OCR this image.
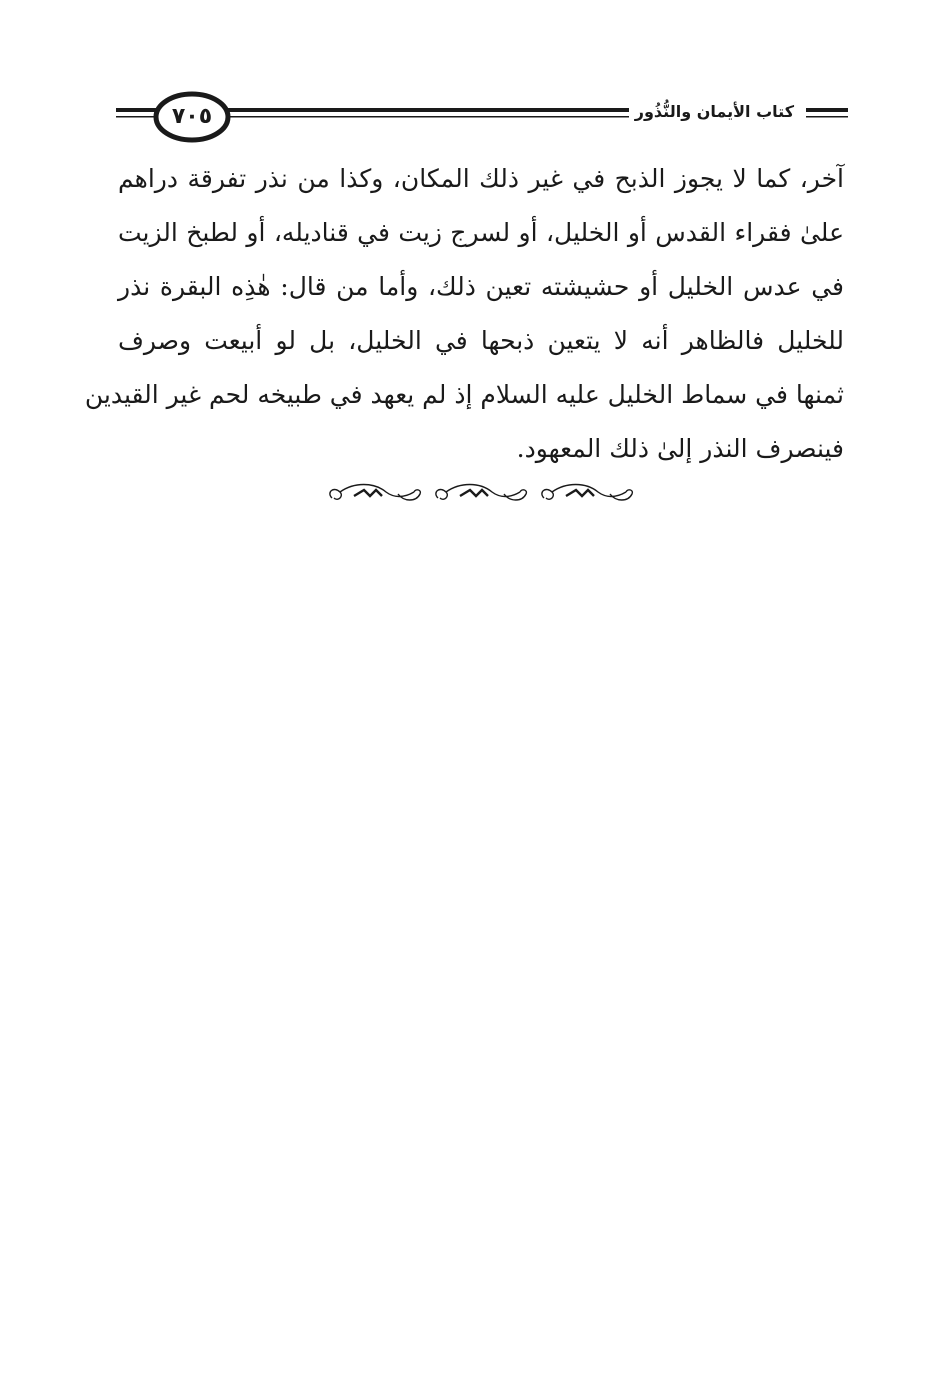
٧٠٥	كتاب الأيمان والنُّذُور
آخر، كما لا يجوز الذبح في غير ذلك المكان، وكذا من نذر تفرقة دراهم
علىٰ فقراء القدس أو الخليل، أو لسرج زيت في قناديله، أو لطبخ الزيت
في عدس الخليل أو حشيشته تعين ذلك، وأما من قال: هٰذِه البقرة نذر
للخليل فالظاهر أنه لا يتعين ذبحها في الخليل، بل لو أبيعت وصرف
ثمنها في سماط الخليل عليه السلام إذ لم يعهد في طبيخه لحم غير القيدين
فينصرف النذر إلىٰ ذلك المعهود.
